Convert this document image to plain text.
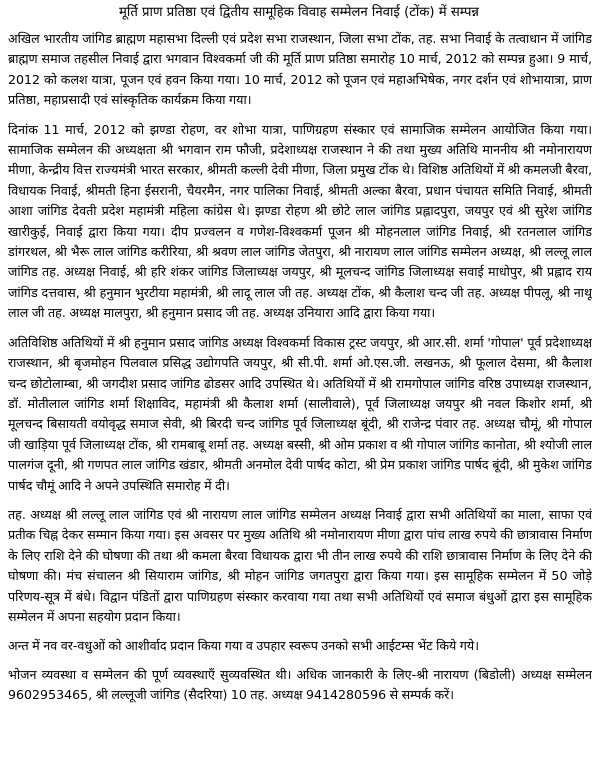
मूर्ति प्राण प्रतिष्ठा एवं द्वितीय सामूहिक विवाह सम्मेलन निवाई (टोंक) में सम्पन्न

अखिल भारतीय जांगिड ब्राह्मण महासभा दिल्ली एवं प्रदेश सभा राजस्थान, जिला सभा टोंक, तह. सभा निवाई के तत्वाधान में जांगिड ब्राह्मण समाज तहसील निवाई द्वारा भगवान विश्वकर्मा जी की मूर्ति प्राण प्रतिष्ठा समारोह 10 मार्च, 2012 को सम्पन्न हुआ। 9 मार्च, 2012 को कलश यात्रा, पूजन एवं हवन किया गया। 10 मार्च, 2012 को पूजन एवं महाअभिषेक, नगर दर्शन एवं शोभायात्रा, प्राण प्रतिष्ठा, महाप्रसादी एवं सांस्कृतिक कार्यक्रम किया गया।

दिनांक 11 मार्च, 2012 को झण्डा रोहण, वर शोभा यात्रा, पाणिग्रहण संस्कार एवं सामाजिक सम्मेलन आयोजित किया गया। सामाजिक सम्मेलन की अध्यक्षता श्री भगवान राम फौजी, प्रदेशाध्यक्ष राजस्थान ने की तथा मुख्य अतिथि माननीय श्री नमोनारायण मीणा, केन्द्रीय वित्त राज्यमंत्री भारत सरकार, श्रीमती कल्ली देवी मीणा, जिला प्रमुख टोंक थे। विशिष्ठ अतिथियों में श्री कमलजी बैरवा, विधायक निवाई, श्रीमती हिना ईसरानी, चैयरमैन, नगर पालिका निवाई, श्रीमती अल्का बैरवा, प्रधान पंचायत समिति निवाई, श्रीमती आशा जांगिड देवती प्रदेश महामंत्री महिला कांग्रेस थे। झण्डा रोहण श्री छोटे लाल जांगिड प्रह्लादपुरा, जयपुर एवं श्री सुरेश जांगिड खारीकुई, निवाई द्वारा किया गया। दीप प्रज्वलन व गणेश-विश्वकर्मा पूजन श्री मोहनलाल जांगिड निवाई, श्री रतनलाल जांगिड डांगरथल, श्री भैरू लाल जांगिड करीरिया, श्री श्रवण लाल जांगिड जेतपुरा, श्री नारायण लाल जांगिड सम्मेलन अध्यक्ष, श्री लल्लू लाल जांगिड तह. अध्यक्ष निवाई, श्री हरि शंकर जांगिड जिलाध्यक्ष जयपुर, श्री मूलचन्द जांगिड जिलाध्यक्ष सवाई माधोपुर, श्री प्रह्लाद राय जांगिड दत्तवास, श्री हनुमान भुरटीया महामंत्री, श्री लादू लाल जी तह. अध्यक्ष टोंक, श्री कैलाश चन्द जी तह. अध्यक्ष पीपलू, श्री नाथू लाल जी तह. अध्यक्ष मालपुरा, श्री हनुमान प्रसाद जी तह. अध्यक्ष उनियारा आदि द्वारा किया गया।

अतिविशिष्ठ अतिथियों में श्री हनुमान प्रसाद जांगिड अध्यक्ष विश्वकर्मा विकास ट्रस्ट जयपुर, श्री आर.सी. शर्मा 'गोपाल' पूर्व प्रदेशाध्यक्ष राजस्थान, श्री बृजमोहन पिलवाल प्रसिद्ध उद्योगपति जयपुर, श्री सी.पी. शर्मा ओ.एस.जी. लखनऊ, श्री फूलाल देसमा, श्री कैलाश चन्द छोटोलाम्बा, श्री जगदीश प्रसाद जांगिड ढोडसर आदि उपस्थित थे। अतिथियों में श्री रामगोपाल जांगिड वरिष्ठ उपाध्यक्ष राजस्थान, डॉ. मोतीलाल जांगिड शर्मा शिक्षाविद, महामंत्री श्री कैलाश शर्मा (सालीवाले), पूर्व जिलाध्यक्ष जयपुर श्री नवल किशोर शर्मा, श्री मूलचन्द बिसायती वयोवृद्ध समाज सेवी, श्री बिरदी चन्द जांगिड पूर्व जिलाध्यक्ष बूंदी, श्री राजेन्द्र पंवार तह. अध्यक्ष चौमूं, श्री गोपाल जी खाड़िया पूर्व जिलाध्यक्ष टोंक, श्री रामबाबू शर्मा तह. अध्यक्ष बस्सी, श्री ओम प्रकाश व श्री गोपाल जांगिड कानोता, श्री श्योजी लाल पालगंज दूनी, श्री गणपत लाल जांगिड खंडार, श्रीमती अनमोल देवी पार्षद कोटा, श्री प्रेम प्रकाश जांगिड पार्षद बूंदी, श्री मुकेश जांगिड पार्षद चौमूं आदि ने अपने उपस्थिति समारोह में दी।

तह. अध्यक्ष श्री लल्लू लाल जांगिड एवं श्री नारायण लाल जांगिड सम्मेलन अध्यक्ष निवाई द्वारा सभी अतिथियों का माला, साफा एवं प्रतीक चिह्न देकर सम्मान किया गया। इस अवसर पर मुख्य अतिथि श्री नमोनारायण मीणा द्वारा पांच लाख रुपये की छात्रावास निर्माण के लिए राशि देने की घोषणा की तथा श्री कमला बैरवा विधायक द्वारा भी तीन लाख रुपये की राशि छात्रावास निर्माण के लिए देने की घोषणा की। मंच संचालन श्री सियाराम जांगिड, श्री मोहन जांगिड जगतपुरा द्वारा किया गया। इस सामूहिक सम्मेलन में 50 जोड़े परिणय-सूत्र में बंधे। विद्वान पंडितों द्वारा पाणिग्रहण संस्कार करवाया गया तथा सभी अतिथियों एवं समाज बंधुओं द्वारा इस सामूहिक सम्मेलन में अपना सहयोग प्रदान किया।

अन्त में नव वर-वधुओं को आशीर्वाद प्रदान किया गया व उपहार स्वरूप उनको सभी आईटम्स भेंट किये गये।

भोजन व्यवस्था व सम्मेलन की पूर्ण व्यवस्थाएँ सुव्यवस्थित थी। अधिक जानकारी के लिए-श्री नारायण (बिडोली) अध्यक्ष सम्मेलन 9602953465, श्री लल्लूजी जांगिड (सैदरिया) 10 तह. अध्यक्ष 9414280596 से सम्पर्क करें।
